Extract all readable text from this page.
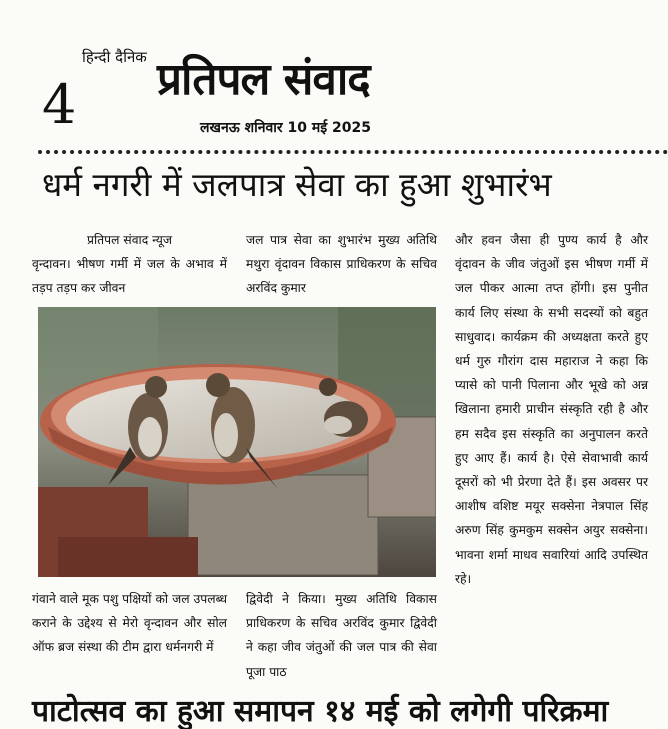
4
हिन्दी दैनिक प्रतिपल संवाद
लखनऊ शनिवार 10 मई 2025
धर्म नगरी में जलपात्र सेवा का हुआ शुभारंभ
प्रतिपल संवाद न्यूज

वृन्दावन। भीषण गर्मी में जल के अभाव में तड़प तड़प कर जीवन

जल पात्र सेवा का शुभारंभ मुख्य अतिथि मथुरा वृंदावन विकास प्राधिकरण के सचिव अरविंद कुमार

और हवन जैसा ही पुण्य कार्य है और वृंदावन के जीव जंतुओं इस भीषण गर्मी में जल पीकर आत्मा तप्त होंगी। इस पुनीत कार्य लिए संस्था के सभी सदस्यों को बहुत साधुवाद। कार्यक्रम की अध्यक्षता करते हुए धर्म गुरु गौरांग दास महाराज ने कहा कि प्यासे को पानी पिलाना और भूखे को अन्न खिलाना हमारी प्राचीन संस्कृति रही है और हम सदैव इस संस्कृति का अनुपालन करते हुए आए हैं। कार्य है। ऐसे सेवाभावी कार्य दूसरों को भी प्रेरणा देते हैं। इस अवसर पर आशीष वशिष्ट मयूर सक्सेना नेत्रपाल सिंह अरुण सिंह कुमकुम सक्सेन अयुर सक्सेना। भावना शर्मा माधव सवारियां आदि उपस्थित रहे।

गंवाने वाले मूक पशु पक्षियों को जल उपलब्ध कराने के उद्देश्य से मेरो वृन्दावन और सोल ऑफ ब्रज संस्था की टीम द्वारा धर्मनगरी में

द्विवेदी ने किया। मुख्य अतिथि विकास प्राधिकरण के सचिव अरविंद कुमार द्विवेदी ने कहा जीव जंतुओं की जल पात्र की सेवा पूजा पाठ

पाटोत्सव का हुआ समापन १४ मई को लगेगी परिक्रमा
